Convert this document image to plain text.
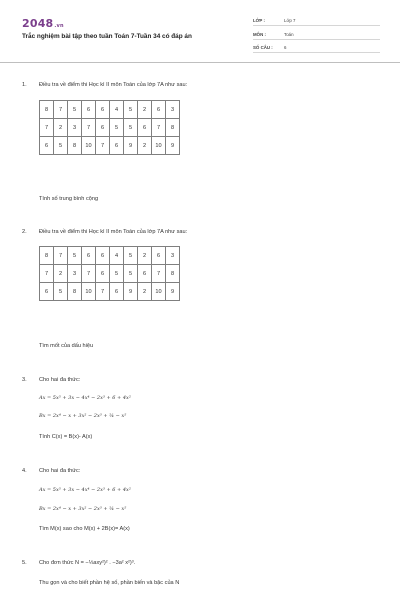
2048.vn
Trắc nghiệm bài tập theo tuần Toán 7-Tuần 34 có đáp án
LỚP :	Lớp 7
MÔN :	Toán
SỐ CÂU :	6
1. Điều tra về điểm thi Học kì II môn Toán của lớp 7A như sau:
8	7	5	6	6	4	5	2	6	3
7	2	3	7	6	5	5	6	7	8
6	5	8	10	7	6	9	2	10	9
Tính số trung bình cộng
2. Điều tra về điểm thi Học kì II môn Toán của lớp 7A như sau:
8	7	5	6	6	4	5	2	6	3
7	2	3	7	6	5	5	6	7	8
6	5	8	10	7	6	9	2	10	9
Tìm mốt của dấu hiệu
3. Cho hai đa thức:
Ax = 5x⁵ + 3x − 4x⁴ − 2x³ + 6 + 4x²
Bx = 2x⁴ − x + 3x² − 2x³ + ¼ − x⁵
Tính C(x) = B(x)- A(x)
4. Cho hai đa thức:
Ax = 5x⁵ + 3x − 4x⁴ − 2x³ + 6 + 4x²
Bx = 2x⁴ − x + 3x² − 2x³ + ¼ − x⁵
Tìm M(x) sao cho M(x) + 2B(x)= A(x)
5. Cho đơn thức N = −⅓axy²)² . −3a² x²)³.
Thu gọn và cho biết phần hệ số, phần biến và bậc của N
